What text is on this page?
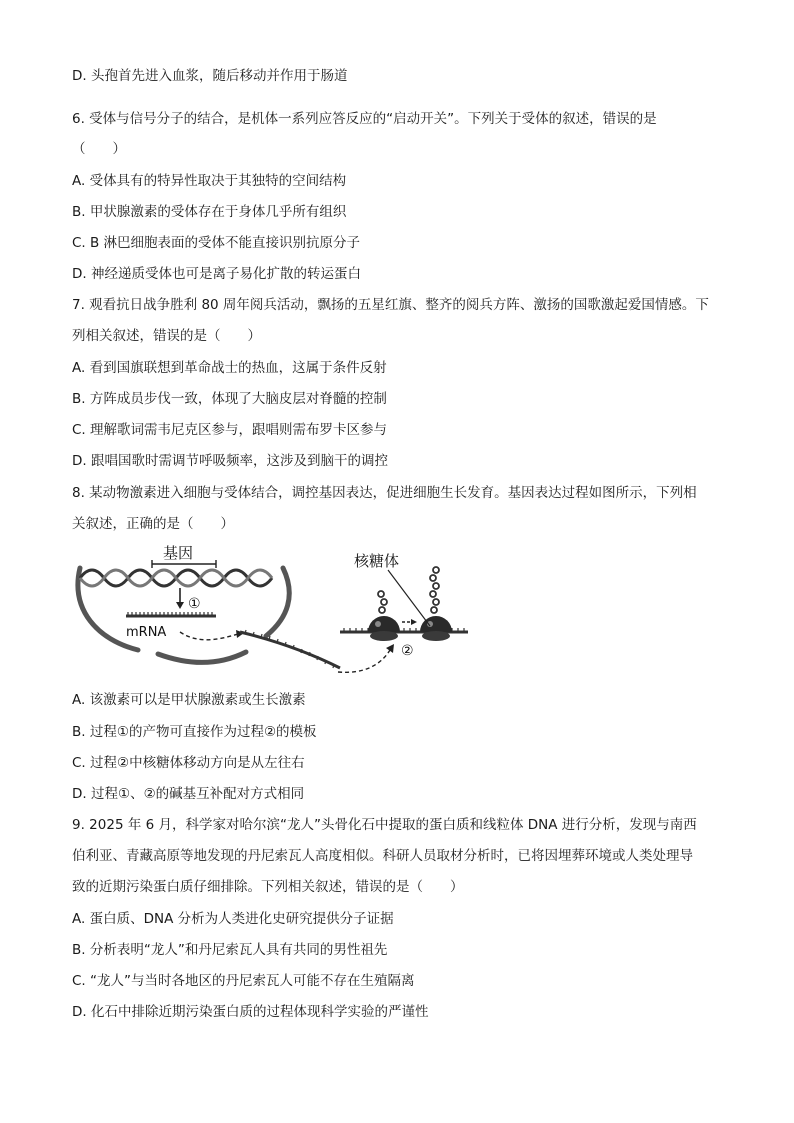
D. 头孢首先进入血浆，随后移动并作用于肠道
6. 受体与信号分子的结合，是机体一系列应答反应的“启动开关”。下列关于受体的叙述，错误的是
（　　）
A. 受体具有的特异性取决于其独特的空间结构
B. 甲状腺激素的受体存在于身体几乎所有组织
C. B 淋巴细胞表面的受体不能直接识别抗原分子
D. 神经递质受体也可是离子易化扩散的转运蛋白
7. 观看抗日战争胜利 80 周年阅兵活动，飘扬的五星红旗、整齐的阅兵方阵、激扬的国歌激起爱国情感。下
列相关叙述，错误的是（　　）
A. 看到国旗联想到革命战士的热血，这属于条件反射
B. 方阵成员步伐一致，体现了大脑皮层对脊髓的控制
C. 理解歌词需韦尼克区参与，跟唱则需布罗卡区参与
D. 跟唱国歌时需调节呼吸频率，这涉及到脑干的调控
8. 某动物激素进入细胞与受体结合，调控基因表达，促进细胞生长发育。基因表达过程如图所示，下列相
关叙述，正确的是（　　）
基因
①
mRNA
②
核糖体
A. 该激素可以是甲状腺激素或生长激素
B. 过程①的产物可直接作为过程②的模板
C. 过程②中核糖体移动方向是从左往右
D. 过程①、②的碱基互补配对方式相同
9. 2025 年 6 月，科学家对哈尔滨“龙人”头骨化石中提取的蛋白质和线粒体 DNA 进行分析，发现与南西
伯利亚、青藏高原等地发现的丹尼索瓦人高度相似。科研人员取材分析时，已将因埋葬环境或人类处理导
致的近期污染蛋白质仔细排除。下列相关叙述，错误的是（　　）
A. 蛋白质、DNA 分析为人类进化史研究提供分子证据
B. 分析表明“龙人”和丹尼索瓦人具有共同的男性祖先
C. “龙人”与当时各地区的丹尼索瓦人可能不存在生殖隔离
D. 化石中排除近期污染蛋白质的过程体现科学实验的严谨性
